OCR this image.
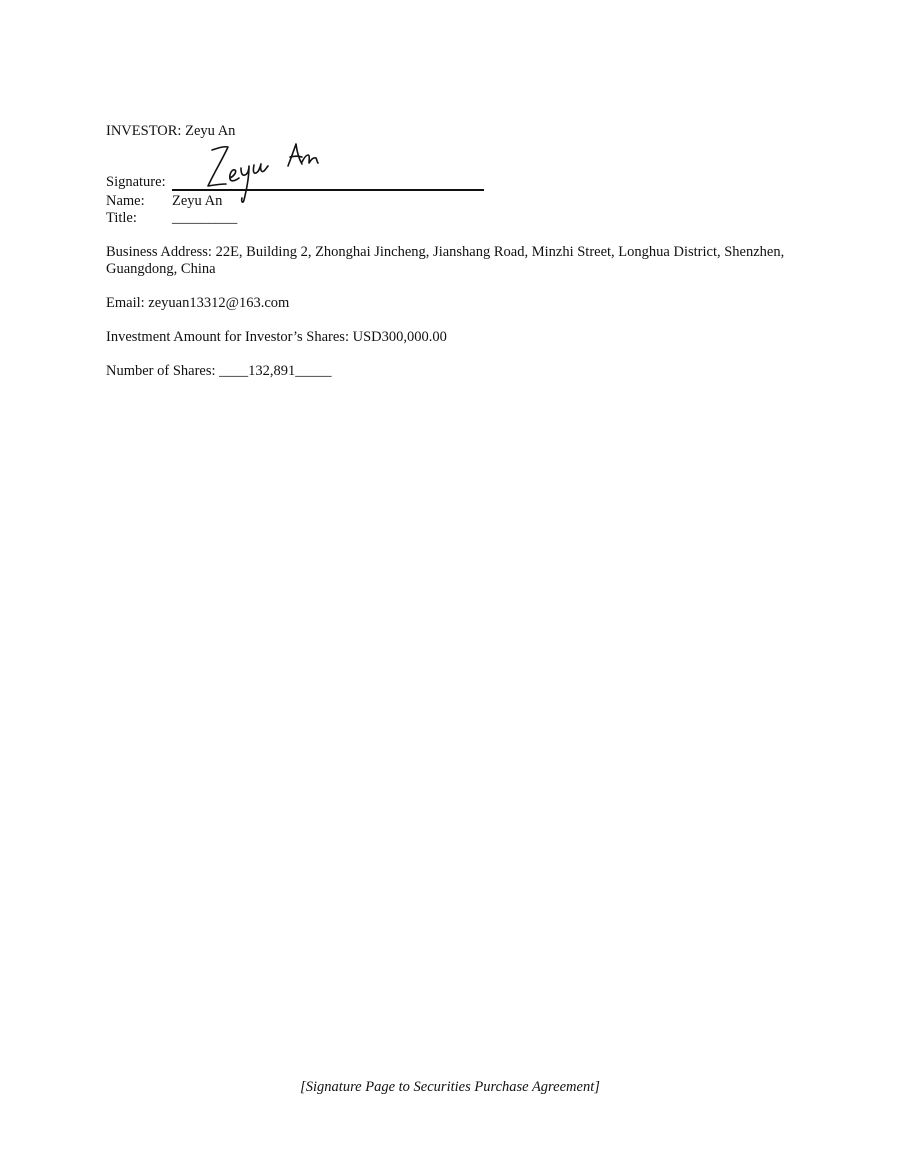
INVESTOR: Zeyu An
Signature:
Name: Zeyu An
Title: _________
Business Address: 22E, Building 2, Zhonghai Jincheng, Jianshang Road, Minzhi Street, Longhua District, Shenzhen, Guangdong, China
Email: zeyuan13312@163.com
Investment Amount for Investor’s Shares: USD300,000.00
Number of Shares: ____132,891_____
[Signature Page to Securities Purchase Agreement]
